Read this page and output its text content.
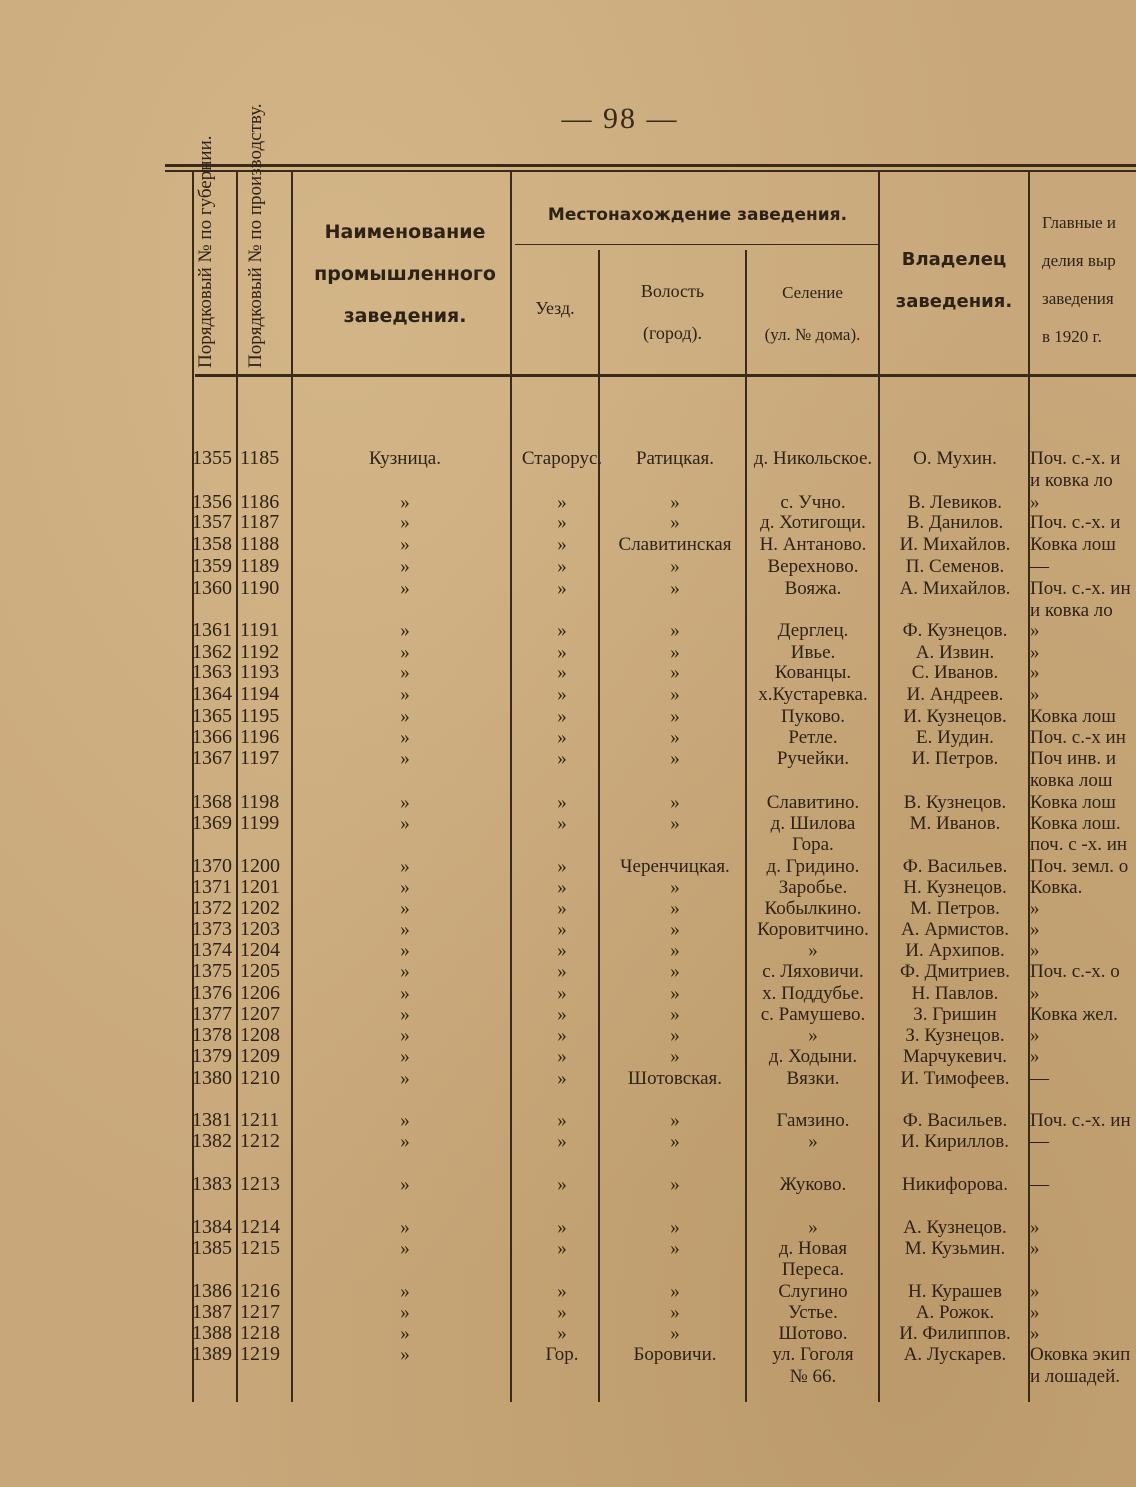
— 98 —
Порядковый № по губернии. Порядковый № по производству.	Наименование
промышленного
заведения.
Местонахождение заведения.
Уезд.
Волость
(город).
Селение
(ул. № дома).
Владелец
заведения.
Главные и
делия выр
заведения
в 1920 г.
1355 1185	Кузница.	Старорус.	Ратицкая.	д. Никольское.	О. Мухин.	Поч. с.-х. и
и ковка ло
1356 1186	»	»	»	с. Учно.	В. Левиков.	»
1357 1187	»	»	»	д. Хотигощи.	В. Данилов.	Поч. с.-х. и
1358 1188	»	»	Славитинская	Н. Антаново.	И. Михайлов.	Ковка лош
1359 1189	»	»	»	Верехново.	П. Семенов.	—
1360 1190	»	»	»	Вояжа.	А. Михайлов.	Поч. с.-х. ин
и ковка ло
1361 1191	»	»	»	Дерглец.	Ф. Кузнецов.	»
1362 1192	»	»	»	Ивье.	А. Извин.	»
1363 1193	»	»	»	Кованцы.	С. Иванов.	»
1364 1194	»	»	»	х.Кустаревка.	И. Андреев.	»
1365 1195	»	»	»	Пуково.	И. Кузнецов.	Ковка лош
1366 1196	»	»	»	Ретле.	Е. Иудин.	Поч. с.-х ин
1367 1197	»	»	»	Ручейки.	И. Петров.	Поч инв. и
ковка лош
1368 1198	»	»	»	Славитино.	В. Кузнецов.	Ковка лош
1369 1199	»	»	»	д. Шилова	М. Иванов.	Ковка лош.
Гора.	поч. с -х. ин
1370 1200	»	»	Черенчицкая.	д. Гридино.	Ф. Васильев.	Поч. земл. о
1371 1201	»	»	»	Заробье.	Н. Кузнецов.	Ковка.
1372 1202	»	»	»	Кобылкино.	М. Петров.	»
1373 1203	»	»	»	Коровитчино.	А. Армистов.	»
1374 1204	»	»	»	»	И. Архипов.	»
1375 1205	»	»	»	с. Ляховичи.	Ф. Дмитриев.	Поч. с.-х. о
1376 1206	»	»	»	х. Поддубье.	Н. Павлов.	»
1377 1207	»	»	»	с. Рамушево.	З. Гришин	Ковка жел.
1378 1208	»	»	»	»	З. Кузнецов.	»
1379 1209	»	»	»	д. Ходыни.	Марчукевич.	»
1380 1210	»	»	Шотовская.	Вязки.	И. Тимофеев.	—
1381 1211	»	»	»	Гамзино.	Ф. Васильев.	Поч. с.-х. ин
1382 1212	»	»	»	»	И. Кириллов.	—
1383 1213	»	»	»	Жуково.	Никифорова.	—
1384 1214	»	»	»	»	А. Кузнецов.	»
1385 1215	»	»	»	д. Новая	М. Кузьмин.	»
Пересa.
1386 1216	»	»	»	Слугино	Н. Курашев	»
1387 1217	»	»	»	Устье.	А. Рожок.	»
1388 1218	»	»	»	Шотово.	И. Филиппов.	»
1389 1219	»	Гор.	Боровичи.	ул. Гоголя	А. Лускарев.	Оковка экип
№ 66.	и лошадей.
